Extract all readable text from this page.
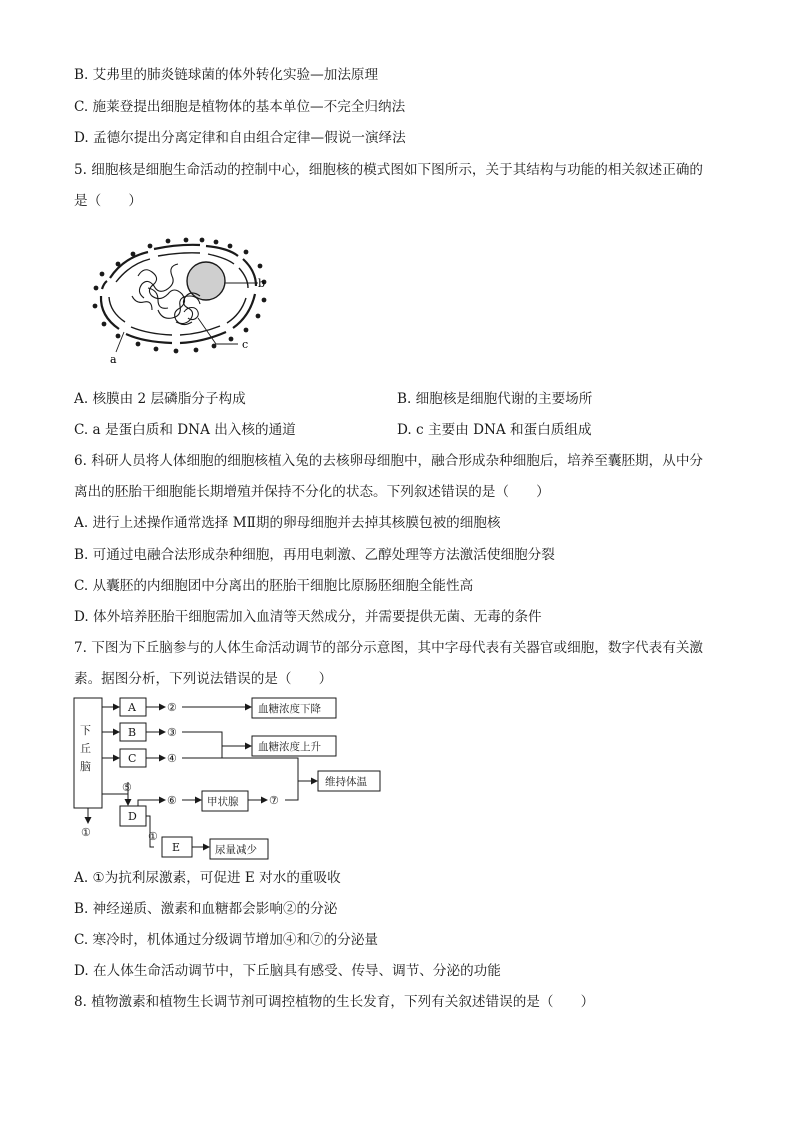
B. 艾弗里的肺炎链球菌的体外转化实验—加法原理
C. 施莱登提出细胞是植物体的基本单位—不完全归纳法
D. 孟德尔提出分离定律和自由组合定律—假说一演绎法
5. 细胞核是细胞生命活动的控制中心，细胞核的模式图如下图所示，关于其结构与功能的相关叙述正确的
是（　　）
b
c
a
A. 核膜由 2 层磷脂分子构成	B. 细胞核是细胞代谢的主要场所
C. a 是蛋白质和 DNA 出入核的通道	D. c 主要由 DNA 和蛋白质组成
6. 科研人员将人体细胞的细胞核植入兔的去核卵母细胞中，融合形成杂种细胞后，培养至囊胚期，从中分
离出的胚胎干细胞能长期增殖并保持不分化的状态。下列叙述错误的是（　　）
A. 进行上述操作通常选择 MⅡ期的卵母细胞并去掉其核膜包被的细胞核
B. 可通过电融合法形成杂种细胞，再用电刺激、乙醇处理等方法激活使细胞分裂
C. 从囊胚的内细胞团中分离出的胚胎干细胞比原肠胚细胞全能性高
D. 体外培养胚胎干细胞需加入血清等天然成分，并需要提供无菌、无毒的条件
7. 下图为下丘脑参与的人体生命活动调节的部分示意图，其中字母代表有关器官或细胞，数字代表有关激
素。据图分析，下列说法错误的是（　　）
下
丘
脑
A
B
C
D
E
②
③
④
⑤
⑥	⑦
①	①
血糖浓度下降
血糖浓度上升
维持体温
甲状腺
尿量减少
A. ①为抗利尿激素，可促进 E 对水的重吸收
B. 神经递质、激素和血糖都会影响②的分泌
C. 寒冷时，机体通过分级调节增加④和⑦的分泌量
D. 在人体生命活动调节中，下丘脑具有感受、传导、调节、分泌的功能
8. 植物激素和植物生长调节剂可调控植物的生长发育，下列有关叙述错误的是（　　）
